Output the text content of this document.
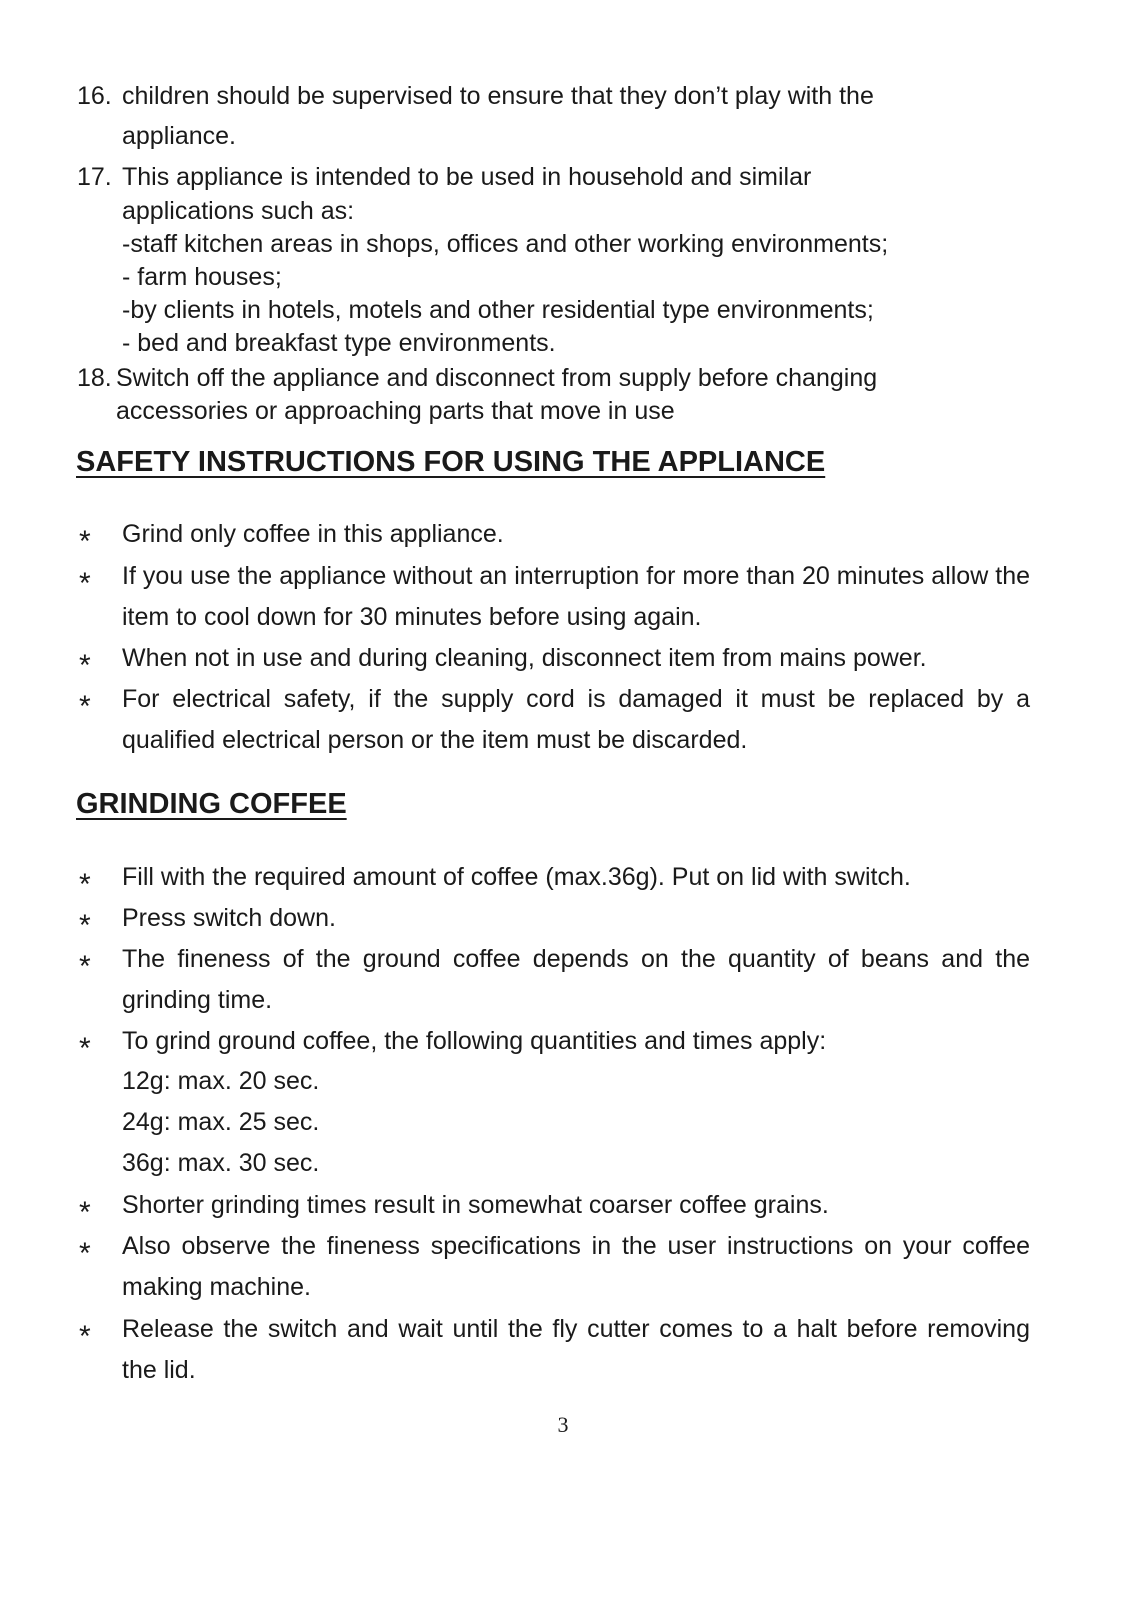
16. children should be supervised to ensure that they don’t play with the
appliance.
17. This appliance is intended to be used in household and similar
applications such as:
-staff kitchen areas in shops, offices and other working environments;
- farm houses;
-by clients in hotels, motels and other residential type environments;
- bed and breakfast type environments.
18. Switch off the appliance and disconnect from supply before changing
accessories or approaching parts that move in use
SAFETY INSTRUCTIONS FOR USING THE APPLIANCE
* Grind only coffee in this appliance.
* If you use the appliance without an interruption for more than 20 minutes allow the item to cool down for 30 minutes before using again.
* When not in use and during cleaning, disconnect item from mains power.
* For electrical safety, if the supply cord is damaged it must be replaced by a qualified electrical person or the item must be discarded.
GRINDING COFFEE
* Fill with the required amount of coffee (max.36g). Put on lid with switch.
* Press switch down.
* The fineness of the ground coffee depends on the quantity of beans and the grinding time.
* To grind ground coffee, the following quantities and times apply:
12g: max. 20 sec.
24g: max. 25 sec.
36g: max. 30 sec.
* Shorter grinding times result in somewhat coarser coffee grains.
* Also observe the fineness specifications in the user instructions on your coffee making machine.
* Release the switch and wait until the fly cutter comes to a halt before removing the lid.
3
